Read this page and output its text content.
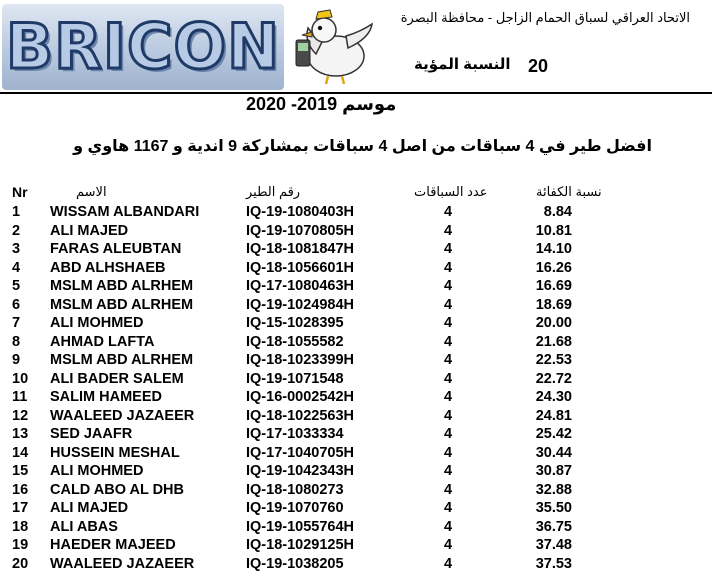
BRICON	الاتحاد العراقي لسباق الحمام الزاجل - محافظة البصرة
النسبة المؤية 20
موسم 2019- 2020
افضل طير في 4 سباقات من اصل 4 سباقات بمشاركة 9 اندية و 1167 هاوي و
Nr	الاسم	رقم الطير	عدد السباقات	نسبة الكفائة
1 WISSAM ALBANDARI	IQ-19-1080403H	4	8.84
2 ALI MAJED	IQ-19-1070805H	4	10.81
3 FARAS ALEUBTAN	IQ-18-1081847H	4	14.10
4 ABD ALHSHAEB	IQ-18-1056601H	4	16.26
5 MSLM ABD ALRHEM	IQ-17-1080463H	4	16.69
6 MSLM ABD ALRHEM	IQ-19-1024984H	4	18.69
7 ALI MOHMED	IQ-15-1028395	4	20.00
8 AHMAD LAFTA	IQ-18-1055582	4	21.68
9 MSLM ABD ALRHEM	IQ-18-1023399H	4	22.53
10 ALI BADER SALEM	IQ-19-1071548	4	22.72
11 SALIM HAMEED	IQ-16-0002542H	4	24.30
12 WAALEED JAZAEER	IQ-18-1022563H	4	24.81
13 SED JAAFR	IQ-17-1033334	4	25.42
14 HUSSEIN MESHAL	IQ-17-1040705H	4	30.44
15 ALI MOHMED	IQ-19-1042343H	4	30.87
16 CALD ABO AL DHB	IQ-18-1080273	4	32.88
17 ALI MAJED	IQ-19-1070760	4	35.50
18 ALI ABAS	IQ-19-1055764H	4	36.75
19 HAEDER MAJEED	IQ-18-1029125H	4	37.48
20 WAALEED JAZAEER	IQ-19-1038205	4	37.53
